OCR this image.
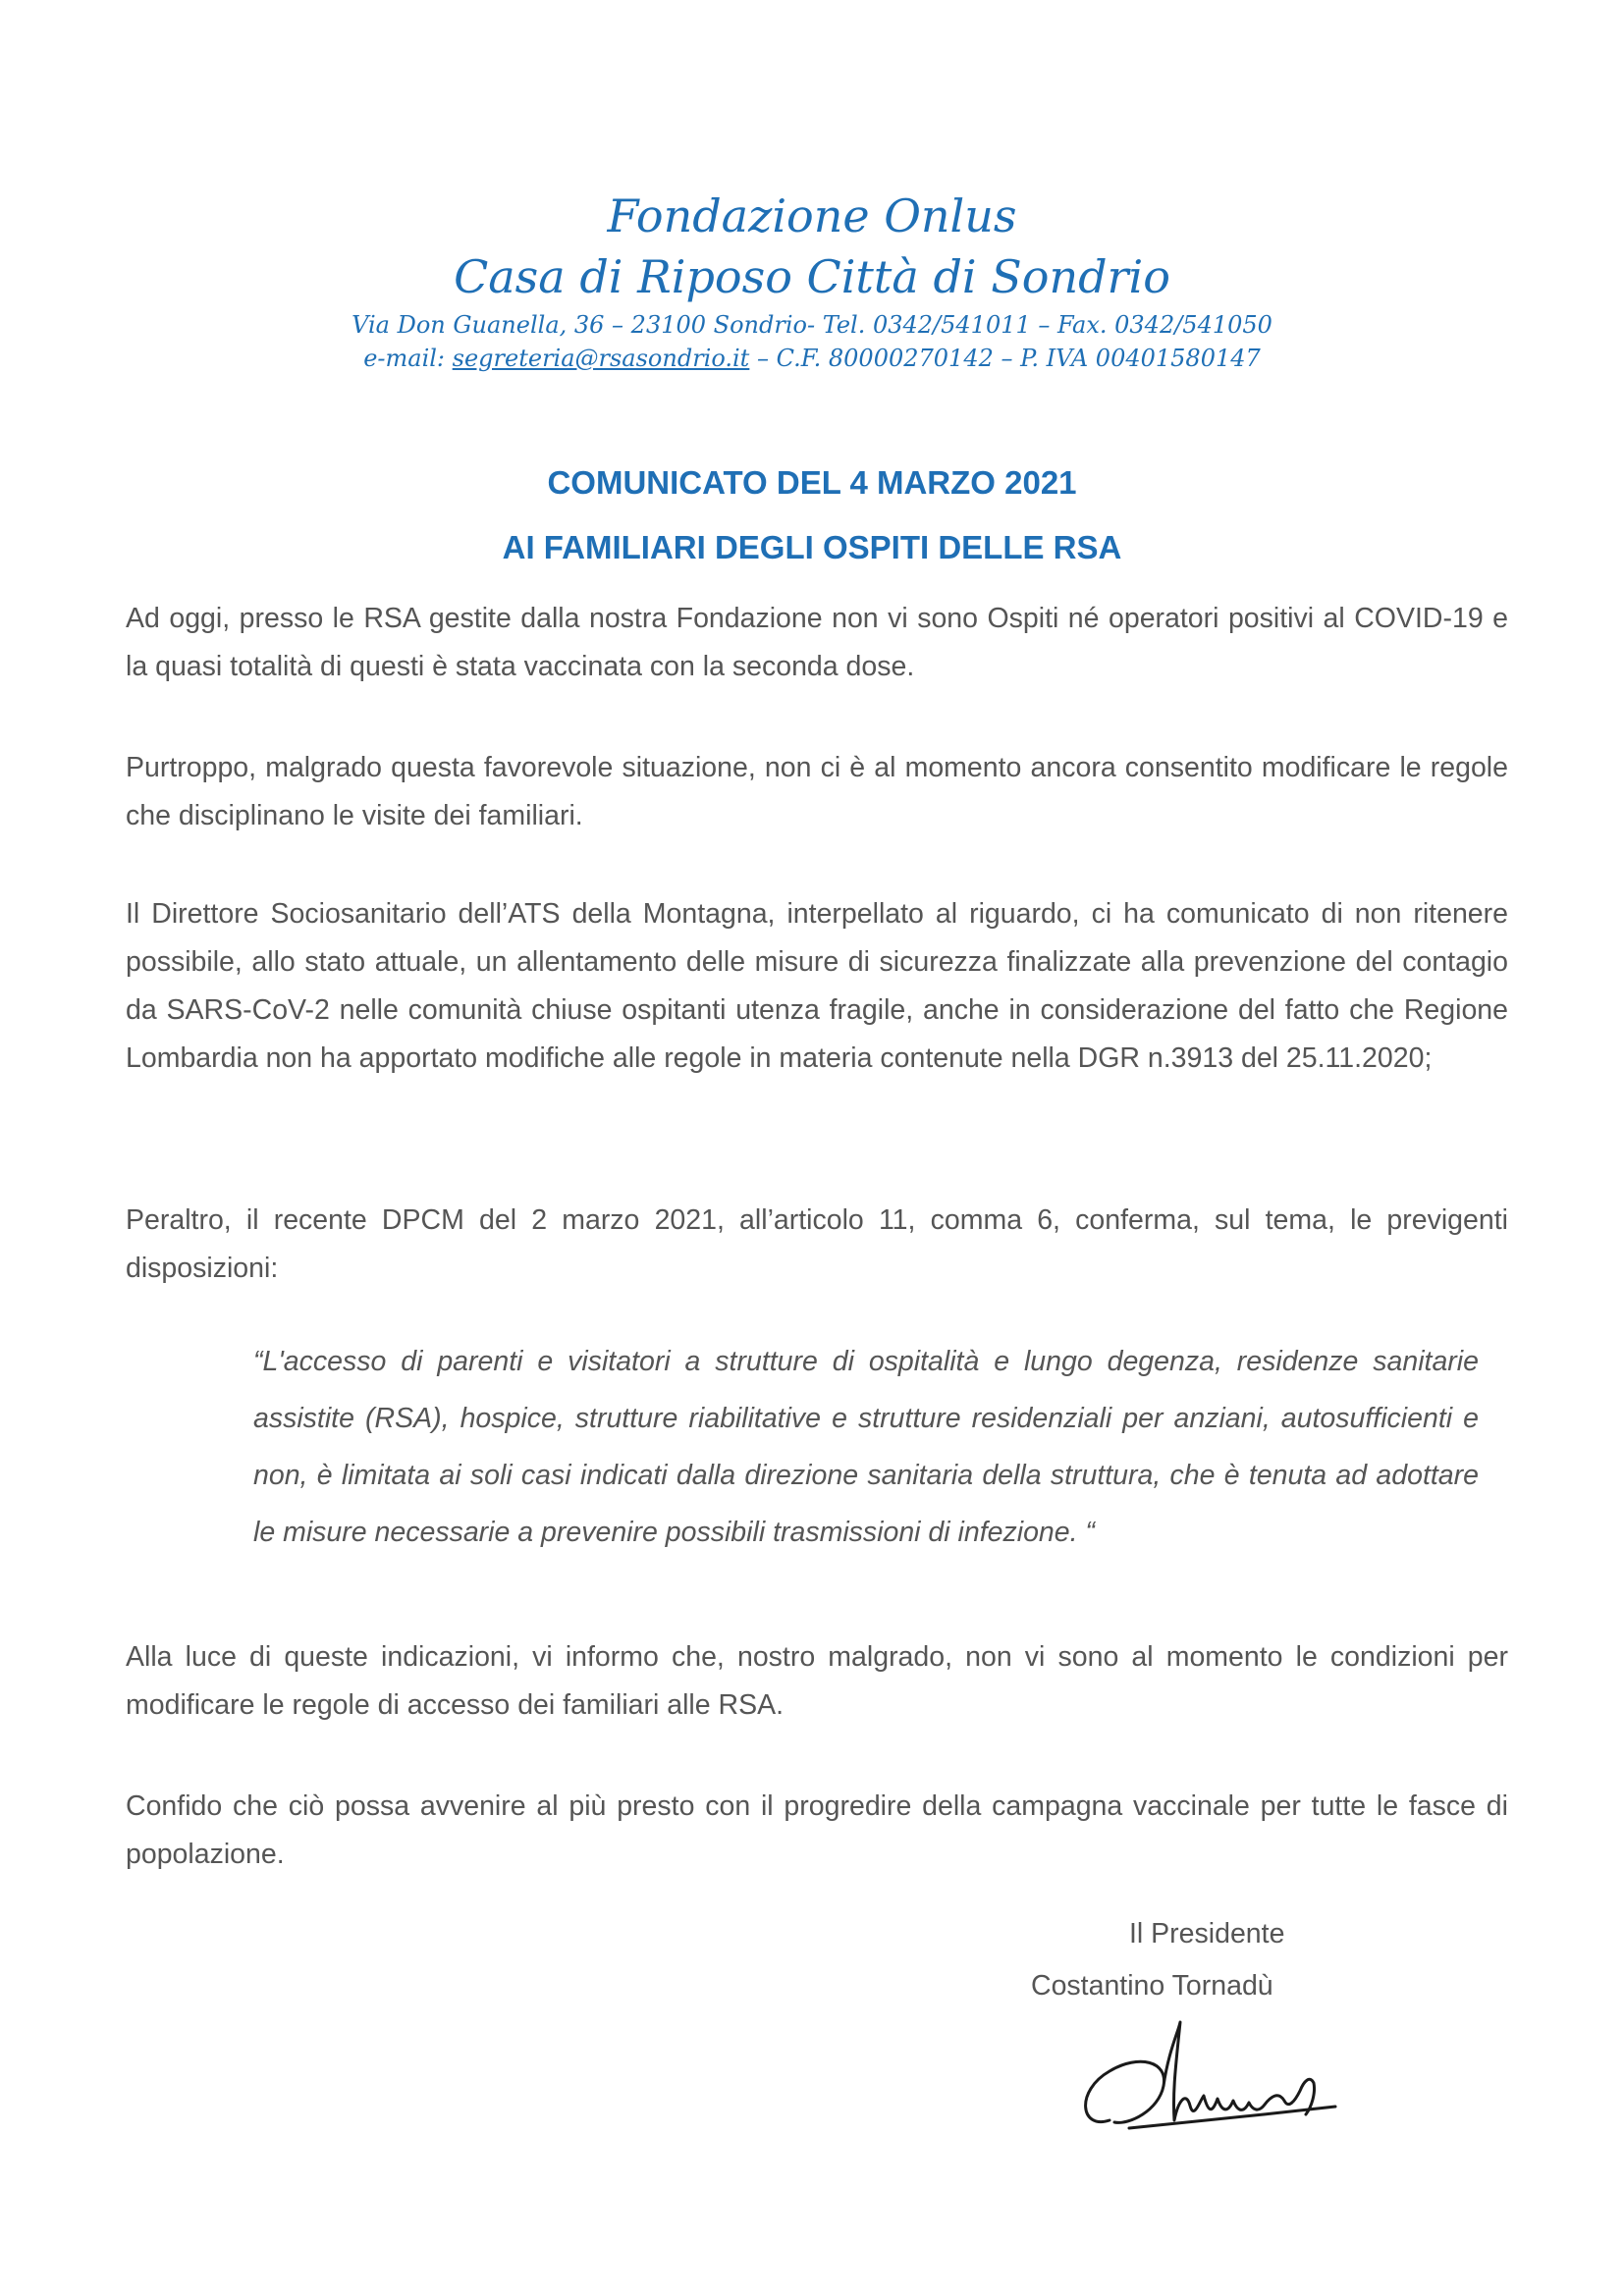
Fondazione Onlus

Casa di Riposo Città di Sondrio

Via Don Guanella, 36 – 23100 Sondrio- Tel. 0342/541011 – Fax. 0342/541050

e-mail: segreteria@rsasondrio.it – C.F. 80000270142 – P. IVA 00401580147

COMUNICATO DEL 4 MARZO 2021

AI FAMILIARI DEGLI OSPITI DELLE RSA

Ad oggi, presso le RSA gestite dalla nostra Fondazione non vi sono Ospiti né operatori positivi al COVID-19 e la quasi totalità di questi è stata vaccinata con la seconda dose.

Purtroppo, malgrado questa favorevole situazione, non ci è al momento ancora consentito modificare le regole che disciplinano le visite dei familiari.

Il Direttore Sociosanitario dell’ATS della Montagna, interpellato al riguardo, ci ha comunicato di non ritenere possibile, allo stato attuale, un allentamento delle misure di sicurezza finalizzate alla prevenzione del contagio da SARS-CoV-2 nelle comunità chiuse ospitanti utenza fragile, anche in considerazione del fatto che Regione Lombardia non ha apportato modifiche alle regole in materia contenute nella DGR n.3913 del 25.11.2020;

Peraltro, il recente DPCM del 2 marzo 2021, all’articolo 11, comma 6, conferma, sul tema, le previgenti disposizioni:

“L'accesso di parenti e visitatori a strutture di ospitalità e lungo degenza, residenze sanitarie assistite (RSA), hospice, strutture riabilitative e strutture residenziali per anziani, autosufficienti e non, è limitata ai soli casi indicati dalla direzione sanitaria della struttura, che è tenuta ad adottare le misure necessarie a prevenire possibili trasmissioni di infezione. “

Alla luce di queste indicazioni, vi informo che, nostro malgrado, non vi sono al momento le condizioni per modificare le regole di accesso dei familiari alle RSA.

Confido che ciò possa avvenire al più presto con il progredire della campagna vaccinale per tutte le fasce di popolazione.

Il Presidente

Costantino Tornadù
